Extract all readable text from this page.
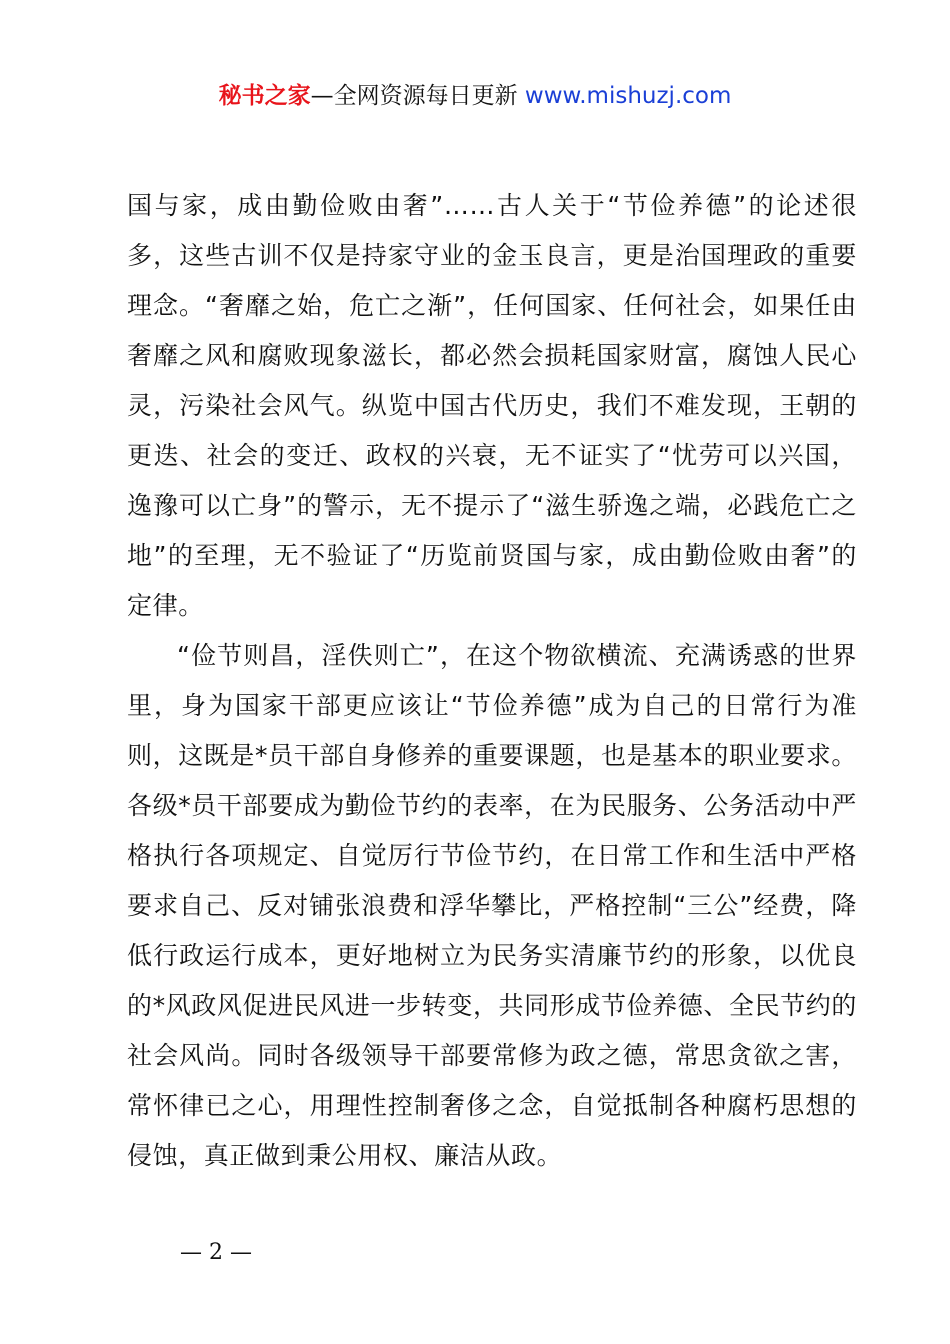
秘书之家—全网资源每日更新 www.mishuzj.com

国与家，成由勤俭败由奢”……古人关于“节俭养德”的论述很多，这些古训不仅是持家守业的金玉良言，更是治国理政的重要理念。“奢靡之始，危亡之渐”，任何国家、任何社会，如果任由奢靡之风和腐败现象滋长，都必然会损耗国家财富，腐蚀人民心灵，污染社会风气。纵览中国古代历史，我们不难发现，王朝的更迭、社会的变迁、政权的兴衰，无不证实了“忧劳可以兴国，逸豫可以亡身”的警示，无不提示了“滋生骄逸之端，必践危亡之地”的至理，无不验证了“历览前贤国与家，成由勤俭败由奢”的定律。

“俭节则昌，淫佚则亡”，在这个物欲横流、充满诱惑的世界里，身为国家干部更应该让“节俭养德”成为自己的日常行为准则，这既是*员干部自身修养的重要课题，也是基本的职业要求。各级*员干部要成为勤俭节约的表率，在为民服务、公务活动中严格执行各项规定、自觉厉行节俭节约，在日常工作和生活中严格要求自己、反对铺张浪费和浮华攀比，严格控制“三公”经费，降低行政运行成本，更好地树立为民务实清廉节约的形象，以优良的*风政风促进民风进一步转变，共同形成节俭养德、全民节约的社会风尚。同时各级领导干部要常修为政之德，常思贪欲之害，常怀律已之心，用理性控制奢侈之念，自觉抵制各种腐朽思想的侵蚀，真正做到秉公用权、廉洁从政。

— 2 —
